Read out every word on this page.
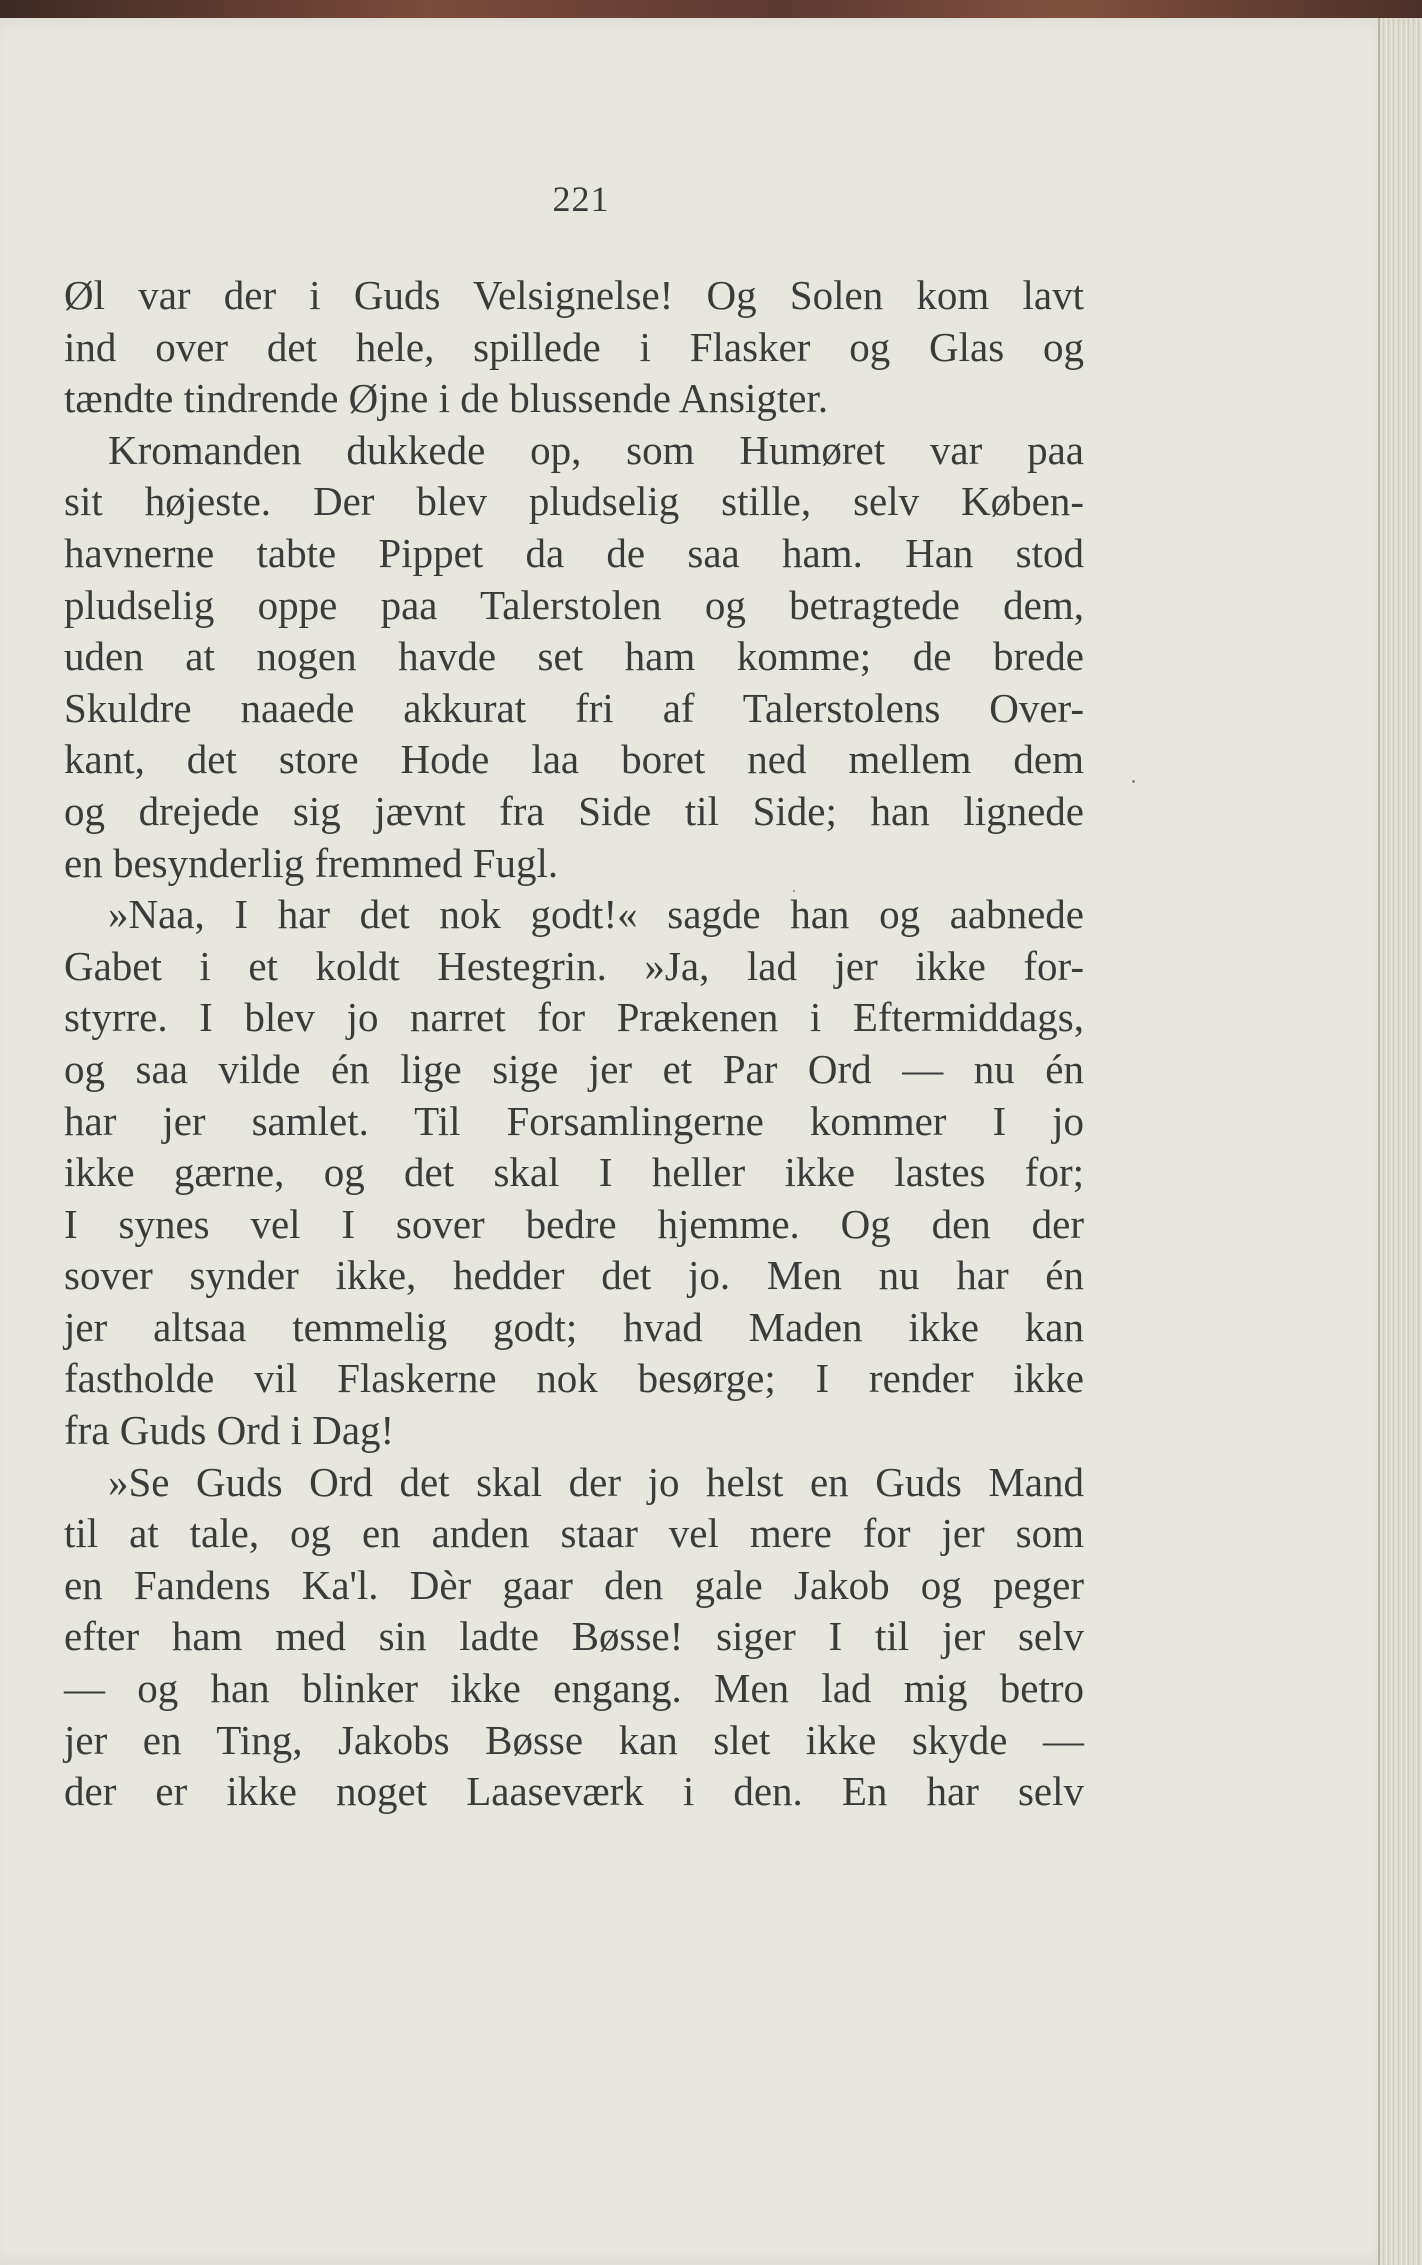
221
Øl var der i Guds Velsignelse! Og Solen kom lavt
ind over det hele, spillede i Flasker og Glas og
tændte tindrende Øjne i de blussende Ansigter.
Kromanden dukkede op, som Humøret var paa
sit højeste. Der blev pludselig stille, selv Køben-
havnerne tabte Pippet da de saa ham. Han stod
pludselig oppe paa Talerstolen og betragtede dem,
uden at nogen havde set ham komme; de brede
Skuldre naaede akkurat fri af Talerstolens Over-
kant, det store Hode laa boret ned mellem dem
og drejede sig jævnt fra Side til Side; han lignede
en besynderlig fremmed Fugl.
»Naa, I har det nok godt!« sagde han og aabnede
Gabet i et koldt Hestegrin. »Ja, lad jer ikke for-
styrre. I blev jo narret for Prækenen i Eftermiddags,
og saa vilde én lige sige jer et Par Ord — nu én
har jer samlet. Til Forsamlingerne kommer I jo
ikke gærne, og det skal I heller ikke lastes for;
I synes vel I sover bedre hjemme. Og den der
sover synder ikke, hedder det jo. Men nu har én
jer altsaa temmelig godt; hvad Maden ikke kan
fastholde vil Flaskerne nok besørge; I render ikke
fra Guds Ord i Dag!
»Se Guds Ord det skal der jo helst en Guds Mand
til at tale, og en anden staar vel mere for jer som
en Fandens Ka'l. Dèr gaar den gale Jakob og peger
efter ham med sin ladte Bøsse! siger I til jer selv
— og han blinker ikke engang. Men lad mig betro
jer en Ting, Jakobs Bøsse kan slet ikke skyde —
der er ikke noget Laaseværk i den. En har selv
